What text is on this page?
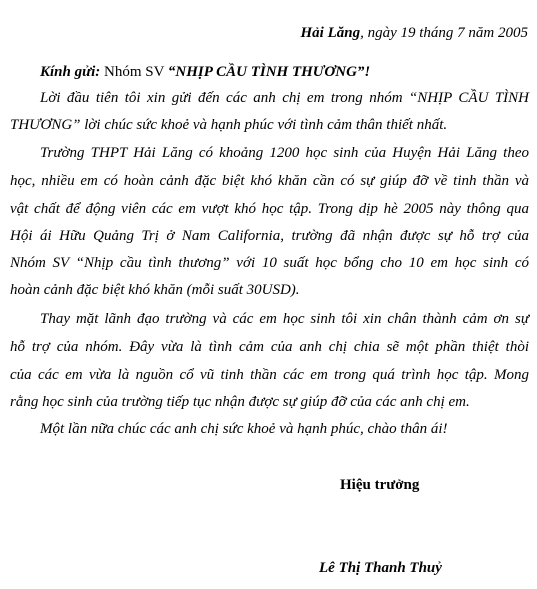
Hải Lăng, ngày 19 tháng 7 năm 2005
Kính gửi: Nhóm SV “NHỊP CẦU TÌNH THƯƠNG”!
Lời đầu tiên tôi xin gửi đến các anh chị em trong nhóm “NHỊP CẦU TÌNH
THƯƠNG” lời chúc sức khoẻ và hạnh phúc với tình cảm thân thiết nhất.
Trường THPT Hải Lăng có khoảng 1200 học sinh của Huyện Hải Lăng theo
học, nhiều em có hoàn cảnh đặc biệt khó khăn cần có sự giúp đỡ về tinh thần và
vật chất để động viên các em vượt khó học tập. Trong dịp hè 2005 này thông qua
Hội ái Hữu Quảng Trị ở Nam California, trường đã nhận được sự hỗ trợ của
Nhóm SV “Nhịp cầu tình thương” với 10 suất học bổng cho 10 em học sinh có
hoàn cảnh đặc biệt khó khăn (mỗi suất 30USD).
Thay mặt lãnh đạo trường và các em học sinh tôi xin chân thành cảm ơn sự
hỗ trợ của nhóm. Đây vừa là tình cảm của anh chị chia sẽ một phần thiệt thòi
của các em vừa là nguồn cổ vũ tinh thần các em trong quá trình học tập. Mong
rằng học sinh của trường tiếp tục nhận được sự giúp đỡ của các anh chị em.
Một lần nữa chúc các anh chị sức khoẻ và hạnh phúc, chào thân ái!
Hiệu trưởng
Lê Thị Thanh Thuỷ
